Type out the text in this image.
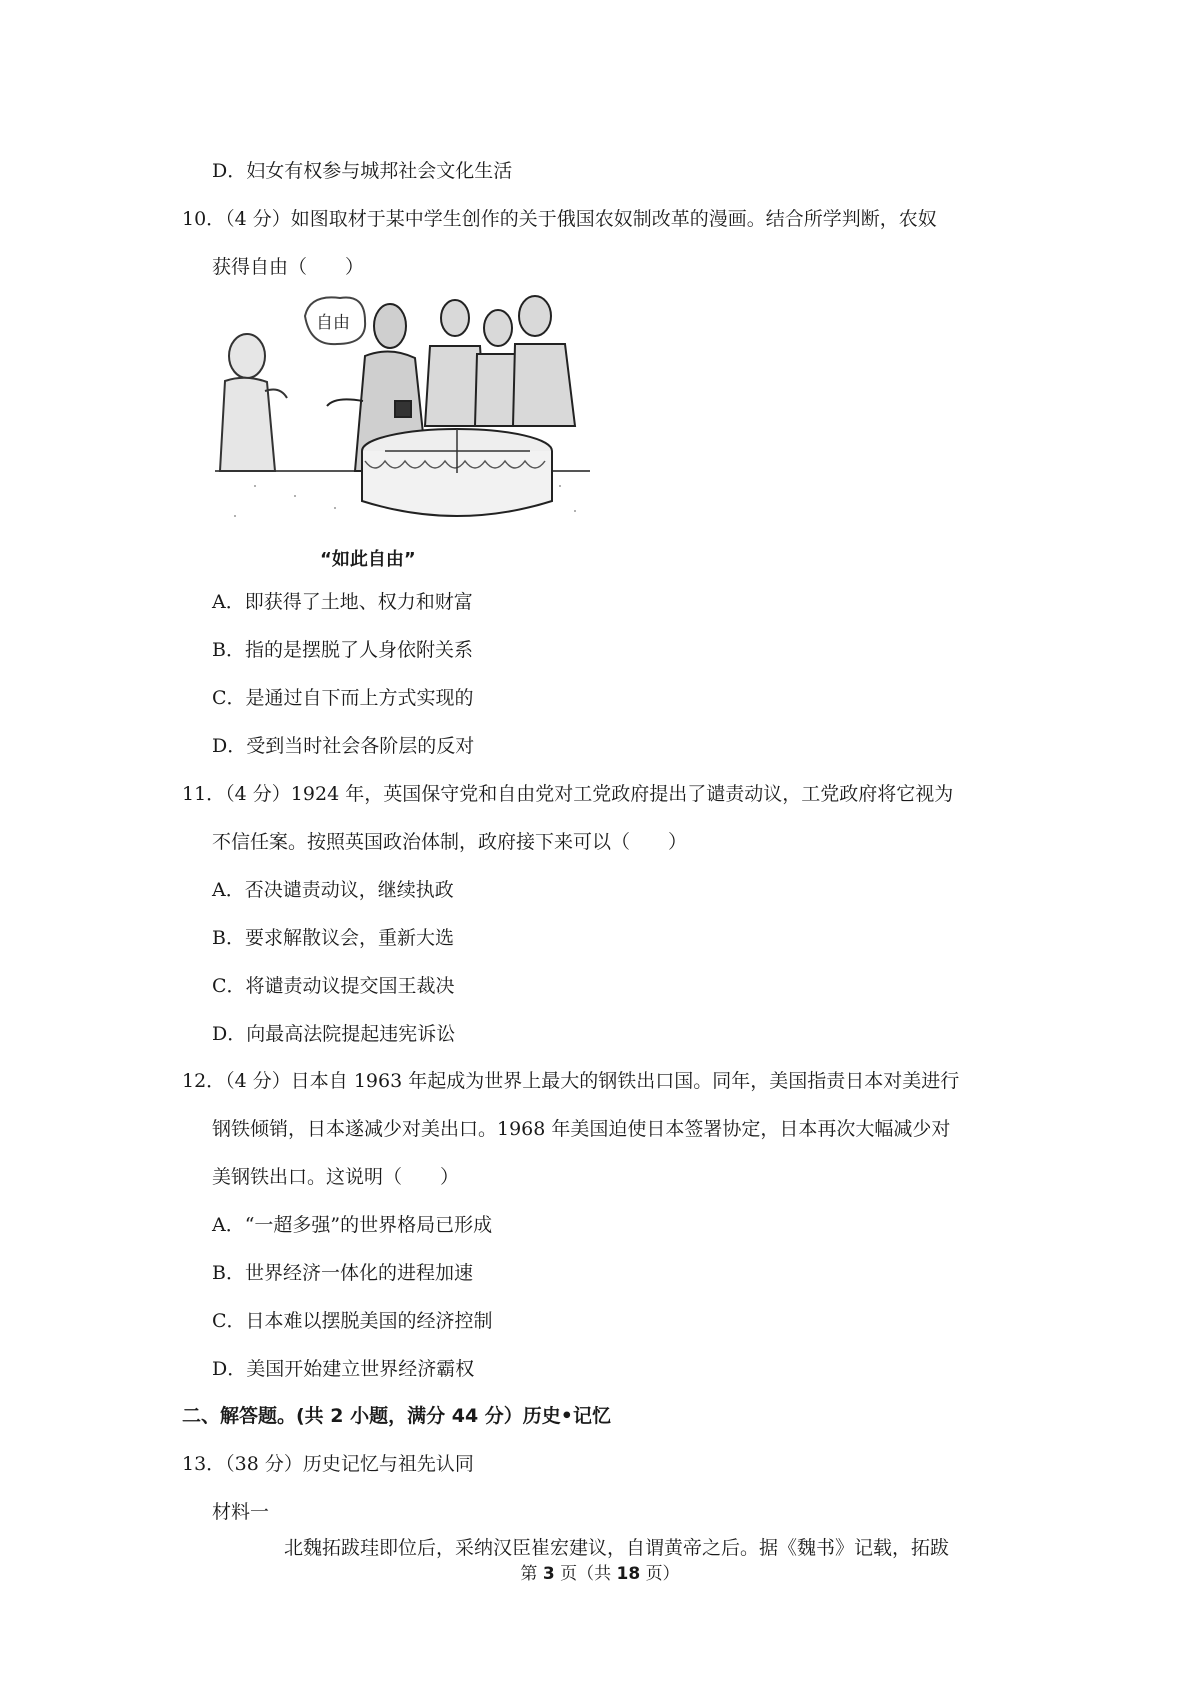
D．妇女有权参与城邦社会文化生活
10．（4 分）如图取材于某中学生创作的关于俄国农奴制改革的漫画。结合所学判断，农奴
获得自由（　　）
自由
“如此自由”
A．即获得了土地、权力和财富
B．指的是摆脱了人身依附关系
C．是通过自下而上方式实现的
D．受到当时社会各阶层的反对
11．（4 分）1924 年，英国保守党和自由党对工党政府提出了谴责动议，工党政府将它视为
不信任案。按照英国政治体制，政府接下来可以（　　）
A．否决谴责动议，继续执政
B．要求解散议会，重新大选
C．将谴责动议提交国王裁决
D．向最高法院提起违宪诉讼
12．（4 分）日本自 1963 年起成为世界上最大的钢铁出口国。同年，美国指责日本对美进行
钢铁倾销，日本遂减少对美出口。1968 年美国迫使日本签署协定，日本再次大幅减少对
美钢铁出口。这说明（　　）
A．“一超多强”的世界格局已形成
B．世界经济一体化的进程加速
C．日本难以摆脱美国的经济控制
D．美国开始建立世界经济霸权
二、解答题。(共 2 小题，满分 44 分）历史•记忆
13．（38 分）历史记忆与祖先认同
材料一
北魏拓跋珪即位后，采纳汉臣崔宏建议，自谓黄帝之后。据《魏书》记载，拓跋
第 3 页（共 18 页）
